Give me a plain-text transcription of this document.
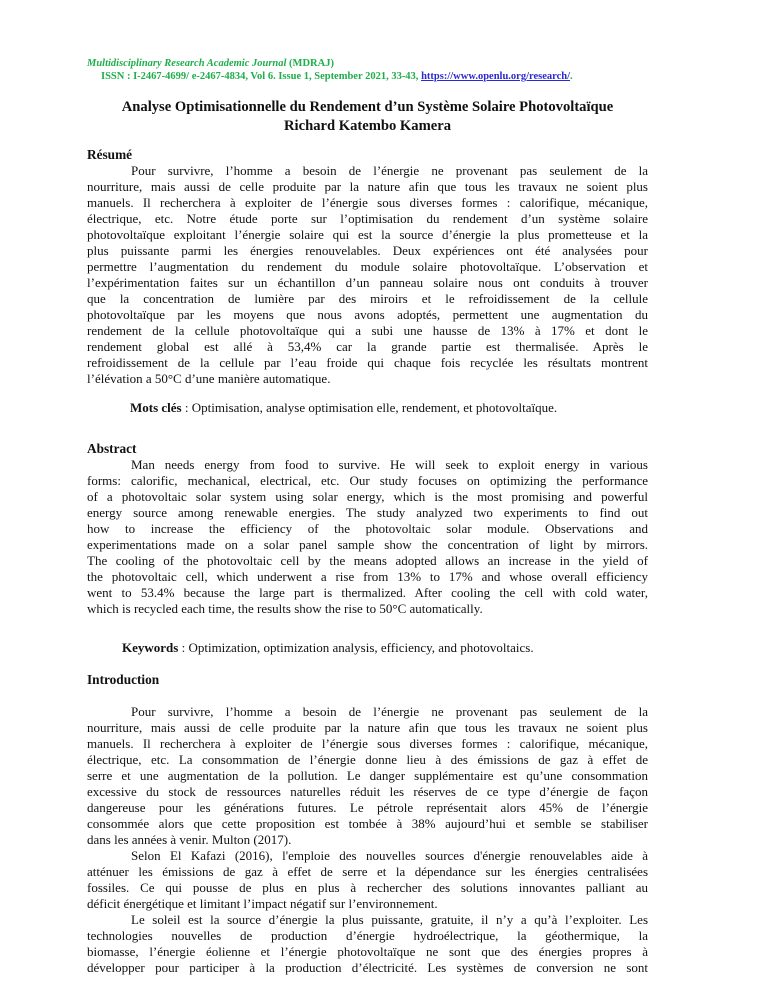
Multidisciplinary Research Academic Journal (MDRAJ)
ISSN : I-2467-4699/ e-2467-4834, Vol 6. Issue 1, September 2021, 33-43, https://www.openlu.org/research/.
Analyse Optimisationnelle du Rendement d’un Système Solaire Photovoltaïque
Richard Katembo Kamera
Résumé
Pour survivre, l’homme a besoin de l’énergie ne provenant pas seulement de la
nourriture, mais aussi de celle produite par la nature afin que tous les travaux ne soient plus
manuels. Il recherchera à exploiter de l’énergie sous diverses formes : calorifique, mécanique,
électrique, etc. Notre étude porte sur l’optimisation du rendement d’un système solaire
photovoltaïque exploitant l’énergie solaire qui est la source d’énergie la plus prometteuse et la
plus puissante parmi les énergies renouvelables. Deux expériences ont été analysées pour
permettre l’augmentation du rendement du module solaire photovoltaïque. L’observation et
l’expérimentation faites sur un échantillon d’un panneau solaire nous ont conduits à trouver
que la concentration de lumière par des miroirs et le refroidissement de la cellule
photovoltaïque par les moyens que nous avons adoptés, permettent une augmentation du
rendement de la cellule photovoltaïque qui a subi une hausse de 13% à 17% et dont le
rendement global est allé à 53,4% car la grande partie est thermalisée. Après le
refroidissement de la cellule par l’eau froide qui chaque fois recyclée les résultats montrent
l’élévation a 50°C d’une manière automatique.
Mots clés : Optimisation, analyse optimisation elle, rendement, et photovoltaïque.
Abstract
Man needs energy from food to survive. He will seek to exploit energy in various
forms: calorific, mechanical, electrical, etc. Our study focuses on optimizing the performance
of a photovoltaic solar system using solar energy, which is the most promising and powerful
energy source among renewable energies. The study analyzed two experiments to find out
how to increase the efficiency of the photovoltaic solar module. Observations and
experimentations made on a solar panel sample show the concentration of light by mirrors.
The cooling of the photovoltaic cell by the means adopted allows an increase in the yield of
the photovoltaic cell, which underwent a rise from 13% to 17% and whose overall efficiency
went to 53.4% because the large part is thermalized. After cooling the cell with cold water,
which is recycled each time, the results show the rise to 50°C automatically.
Keywords : Optimization, optimization analysis, efficiency, and photovoltaics.
Introduction
Pour survivre, l’homme a besoin de l’énergie ne provenant pas seulement de la
nourriture, mais aussi de celle produite par la nature afin que tous les travaux ne soient plus
manuels. Il recherchera à exploiter de l’énergie sous diverses formes : calorifique, mécanique,
électrique, etc. La consommation de l’énergie donne lieu à des émissions de gaz à effet de
serre et une augmentation de la pollution. Le danger supplémentaire est qu’une consommation
excessive du stock de ressources naturelles réduit les réserves de ce type d’énergie de façon
dangereuse pour les générations futures. Le pétrole représentait alors 45% de l’énergie
consommée alors que cette proposition est tombée à 38% aujourd’hui et semble se stabiliser
dans les années à venir. Multon (2017).
Selon El Kafazi (2016), l'emploie des nouvelles sources d'énergie renouvelables aide à
atténuer les émissions de gaz à effet de serre et la dépendance sur les énergies centralisées
fossiles. Ce qui pousse de plus en plus à rechercher des solutions innovantes palliant au
déficit énergétique et limitant l’impact négatif sur l’environnement.
Le soleil est la source d’énergie la plus puissante, gratuite, il n’y a qu’à l’exploiter. Les
technologies nouvelles de production d’énergie hydroélectrique, la géothermique, la
biomasse, l’énergie éolienne et l’énergie photovoltaïque ne sont que des énergies propres à
développer pour participer à la production d’électricité. Les systèmes de conversion ne sont
